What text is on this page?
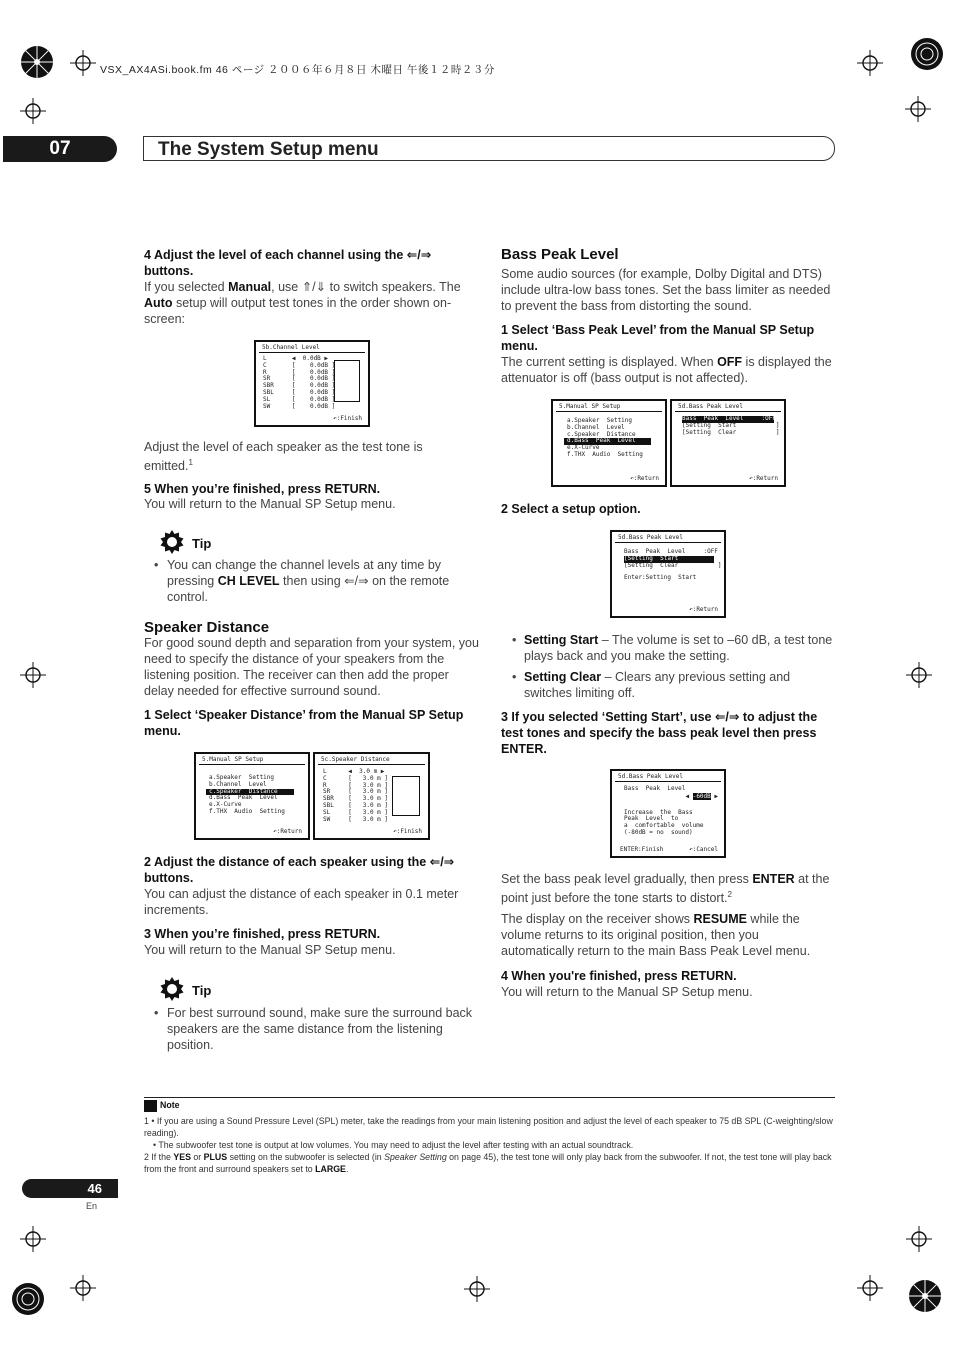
VSX_AX4ASi.book.fm 46 ページ ２００６年６月８日 木曜日 午後１２時２３分
07	The System Setup menu
4 Adjust the level of each channel using the ⇐/⇒ buttons.
If you selected Manual, use ⇑/⇓ to switch speakers. The Auto setup will output test tones in the order shown on-screen:
5b.Channel Level
L       ◀  0.0dB ▶
C       [    0.0dB ]
R       [    0.0dB ]
SR      [    0.0dB ]
SBR     [    0.0dB ]
SBL     [    0.0dB ]
SL      [    0.0dB ]
SW      [    0.0dB ]
↶:Finish
Adjust the level of each speaker as the test tone is emitted.$^1$
5 When you’re finished, press RETURN.
You will return to the Manual SP Setup menu.
Tip
• You can change the channel levels at any time by pressing CH LEVEL then using ⇐/⇒ on the remote control.
Speaker Distance
For good sound depth and separation from your system, you need to specify the distance of your speakers from the listening position. The receiver can then add the proper delay needed for effective surround sound.
1 Select ‘Speaker Distance’ from the Manual SP Setup menu.
5.Manual SP Setup
a.Speaker  Setting
b.Channel  Level
c.Speaker  Distance
d.Bass  Peak  Level
e.X-Curve
f.THX  Audio  Setting
↶:Return
5c.Speaker Distance
L      ◀  3.0 m ▶
C      [   3.0 m ]
R      [   3.0 m ]
SR     [   3.0 m ]
SBR    [   3.0 m ]
SBL    [   3.0 m ]
SL     [   3.0 m ]
SW     [   3.0 m ]
↶:Finish
2 Adjust the distance of each speaker using the ⇐/⇒ buttons.
You can adjust the distance of each speaker in 0.1 meter increments.
3 When you’re finished, press RETURN.
You will return to the Manual SP Setup menu.
Tip
• For best surround sound, make sure the surround back speakers are the same distance from the listening position.
Bass Peak Level
Some audio sources (for example, Dolby Digital and DTS) include ultra-low bass tones. Set the bass limiter as needed to prevent the bass from distorting the sound.
1 Select ‘Bass Peak Level’ from the Manual SP Setup menu.
The current setting is displayed. When OFF is displayed the attenuator is off (bass output is not affected).
5.Manual SP Setup
a.Speaker  Setting
b.Channel  Level
c.Speaker  Distance
d.Bass  Peak  Level
e.X-Curve
f.THX  Audio  Setting
↶:Return
5d.Bass Peak Level
Bass  Peak  Level     :OFF
[Setting  Start           ]
[Setting  Clear           ]
↶:Return
2 Select a setup option.
5d.Bass Peak Level
Bass  Peak  Level     :OFF
[Setting  Start           ]
[Setting  Clear           ]
Enter:Setting  Start
↶:Return
• Setting Start – The volume is set to –60 dB, a test tone plays back and you make the setting.
• Setting Clear – Clears any previous setting and switches limiting off.
3 If you selected ‘Setting Start’, use ⇐/⇒ to adjust the test tones and specify the bass peak level then press ENTER.
5d.Bass Peak Level
Bass  Peak  Level
◀ -60dB ▶
Increase  the  Bass
Peak  Level  to
a  comfortable  volume
(-80dB = no  sound)
ENTER:Finish	↶:Cancel
Set the bass peak level gradually, then press ENTER at the point just before the tone starts to distort.$^2$
The display on the receiver shows RESUME while the volume returns to its original position, then you automatically return to the main Bass Peak Level menu.
4 When you're finished, press RETURN.
You will return to the Manual SP Setup menu.
Note
1 • If you are using a Sound Pressure Level (SPL) meter, take the readings from your main listening position and adjust the level of each speaker to 75 dB SPL (C-weighting/slow reading).
• The subwoofer test tone is output at low volumes. You may need to adjust the level after testing with an actual soundtrack.
2 If the YES or PLUS setting on the subwoofer is selected (in Speaker Setting on page 45), the test tone will only play back from the subwoofer. If not, the test tone will play back from the front and surround speakers set to LARGE.
46
En
